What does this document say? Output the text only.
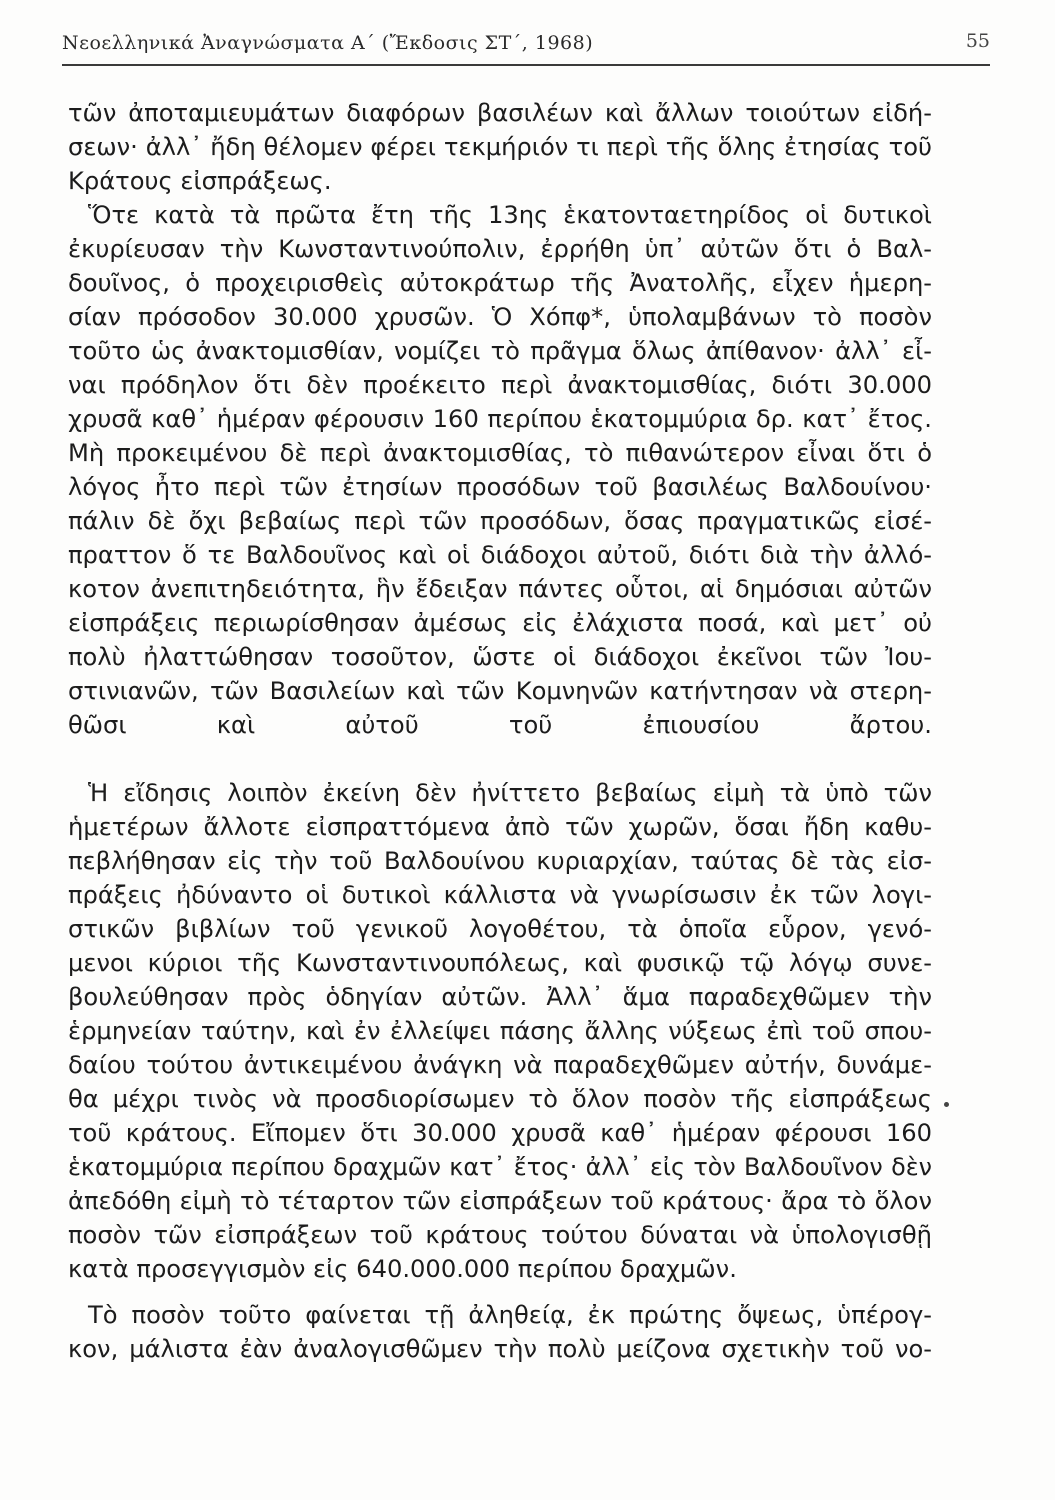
Νεοελληνικά Ἀναγνώσματα Α΄ (Ἔκδοσις ΣΤ΄, 1968)	55
τῶν ἀποταμιευμάτων διαφόρων βασιλέων καὶ ἄλλων τοιούτων εἰδή-
σεων· ἀλλ᾽ ἤδη θέλομεν φέρει τεκμήριόν τι περὶ τῆς ὅλης ἐτησίας τοῦ
Κράτους εἰσπράξεως.
Ὅτε κατὰ τὰ πρῶτα ἔτη τῆς 13ης ἑκατονταετηρίδος οἱ δυτικοὶ
ἐκυρίευσαν τὴν Κωνσταντινούπολιν, ἐρρήθη ὑπ᾽ αὐτῶν ὅτι ὁ Βαλ-
δουῖνος, ὁ προχειρισθεὶς αὐτοκράτωρ τῆς Ἀνατολῆς, εἶχεν ἡμερη-
σίαν πρόσοδον 30.000 χρυσῶν. Ὁ Χόπφ*, ὑπολαμβάνων τὸ ποσὸν
τοῦτο ὡς ἀνακτομισθίαν, νομίζει τὸ πρᾶγμα ὅλως ἀπίθανον· ἀλλ᾽ εἶ-
ναι πρόδηλον ὅτι δὲν προέκειτο περὶ ἀνακτομισθίας, διότι 30.000
χρυσᾶ καθ᾽ ἡμέραν φέρουσιν 160 περίπου ἑκατομμύρια δρ. κατ᾽ ἔτος.
Μὴ προκειμένου δὲ περὶ ἀνακτομισθίας, τὸ πιθανώτερον εἶναι ὅτι ὁ
λόγος ἦτο περὶ τῶν ἐτησίων προσόδων τοῦ βασιλέως Βαλδουίνου·
πάλιν δὲ ὄχι βεβαίως περὶ τῶν προσόδων, ὅσας πραγματικῶς εἰσέ-
πραττον ὅ τε Βαλδουῖνος καὶ οἱ διάδοχοι αὐτοῦ, διότι διὰ τὴν ἀλλό-
κοτον ἀνεπιτηδειότητα, ἣν ἔδειξαν πάντες οὗτοι, αἱ δημόσιαι αὐτῶν
εἰσπράξεις περιωρίσθησαν ἀμέσως εἰς ἐλάχιστα ποσά, καὶ μετ᾽ οὐ
πολὺ ἠλαττώθησαν τοσοῦτον, ὥστε οἱ διάδοχοι ἐκεῖνοι τῶν Ἰου-
στινιανῶν, τῶν Βασιλείων καὶ τῶν Κομνηνῶν κατήντησαν νὰ στερη-
θῶσι καὶ αὐτοῦ τοῦ ἐπιουσίου ἄρτου.
Ἡ εἴδησις λοιπὸν ἐκείνη δὲν ἠνίττετο βεβαίως εἰμὴ τὰ ὑπὸ τῶν
ἡμετέρων ἄλλοτε εἰσπραττόμενα ἀπὸ τῶν χωρῶν, ὅσαι ἤδη καθυ-
πεβλήθησαν εἰς τὴν τοῦ Βαλδουίνου κυριαρχίαν, ταύτας δὲ τὰς εἰσ-
πράξεις ἠδύναντο οἱ δυτικοὶ κάλλιστα νὰ γνωρίσωσιν ἐκ τῶν λογι-
στικῶν βιβλίων τοῦ γενικοῦ λογοθέτου, τὰ ὁποῖα εὗρον, γενό-
μενοι κύριοι τῆς Κωνσταντινουπόλεως, καὶ φυσικῷ τῷ λόγῳ συνε-
βουλεύθησαν πρὸς ὁδηγίαν αὐτῶν. Ἀλλ᾽ ἅμα παραδεχθῶμεν τὴν
ἑρμηνείαν ταύτην, καὶ ἐν ἐλλείψει πάσης ἄλλης νύξεως ἐπὶ τοῦ σπου-
δαίου τούτου ἀντικειμένου ἀνάγκη νὰ παραδεχθῶμεν αὐτήν, δυνάμε-
θα μέχρι τινὸς νὰ προσδιορίσωμεν τὸ ὅλον ποσὸν τῆς εἰσπράξεως
τοῦ κράτους. Εἴπομεν ὅτι 30.000 χρυσᾶ καθ᾽ ἡμέραν φέρουσι 160
ἑκατομμύρια περίπου δραχμῶν κατ᾽ ἔτος· ἀλλ᾽ εἰς τὸν Βαλδουῖνον δὲν
ἀπεδόθη εἰμὴ τὸ τέταρτον τῶν εἰσπράξεων τοῦ κράτους· ἄρα τὸ ὅλον
ποσὸν τῶν εἰσπράξεων τοῦ κράτους τούτου δύναται νὰ ὑπολογισθῇ
κατὰ προσεγγισμὸν εἰς 640.000.000 περίπου δραχμῶν.
Τὸ ποσὸν τοῦτο φαίνεται τῇ ἀληθείᾳ, ἐκ πρώτης ὄψεως, ὑπέρογ-
κον, μάλιστα ἐὰν ἀναλογισθῶμεν τὴν πολὺ μείζονα σχετικὴν τοῦ νο-
